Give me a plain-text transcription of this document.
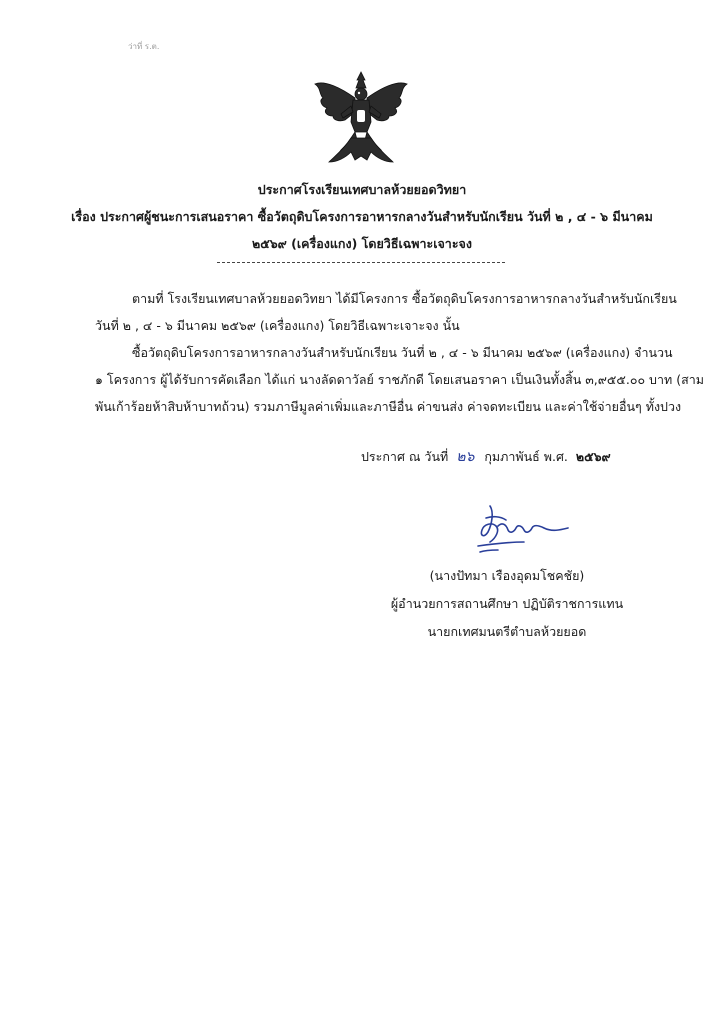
ว่าที่ ร.ต.
ประกาศโรงเรียนเทศบาลห้วยยอดวิทยา
เรื่อง ประกาศผู้ชนะการเสนอราคา ซื้อวัตถุดิบโครงการอาหารกลางวันสำหรับนักเรียน วันที่ ๒ , ๔ - ๖ มีนาคม
๒๕๖๙ (เครื่องแกง) โดยวิธีเฉพาะเจาะจง
ตามที่ โรงเรียนเทศบาลห้วยยอดวิทยา ได้มีโครงการ ซื้อวัตถุดิบโครงการอาหารกลางวันสำหรับนักเรียน
วันที่ ๒ , ๔ - ๖ มีนาคม ๒๕๖๙ (เครื่องแกง) โดยวิธีเฉพาะเจาะจง นั้น
ซื้อวัตถุดิบโครงการอาหารกลางวันสำหรับนักเรียน วันที่ ๒ , ๔ - ๖ มีนาคม ๒๕๖๙ (เครื่องแกง) จำนวน
๑ โครงการ ผู้ได้รับการคัดเลือก ได้แก่ นางลัดดาวัลย์ ราชภักดี โดยเสนอราคา เป็นเงินทั้งสิ้น ๓,๙๕๕.๐๐ บาท (สาม
พันเก้าร้อยห้าสิบห้าบาทถ้วน) รวมภาษีมูลค่าเพิ่มและภาษีอื่น ค่าขนส่ง ค่าจดทะเบียน และค่าใช้จ่ายอื่นๆ ทั้งปวง
ประกาศ ณ วันที่ ๒๖ กุมภาพันธ์ พ.ศ. ๒๕๖๙
(นางปัทมา เรืองอุดมโชคชัย)
ผู้อำนวยการสถานศึกษา ปฏิบัติราชการแทน
นายกเทศมนตรีตำบลห้วยยอด
